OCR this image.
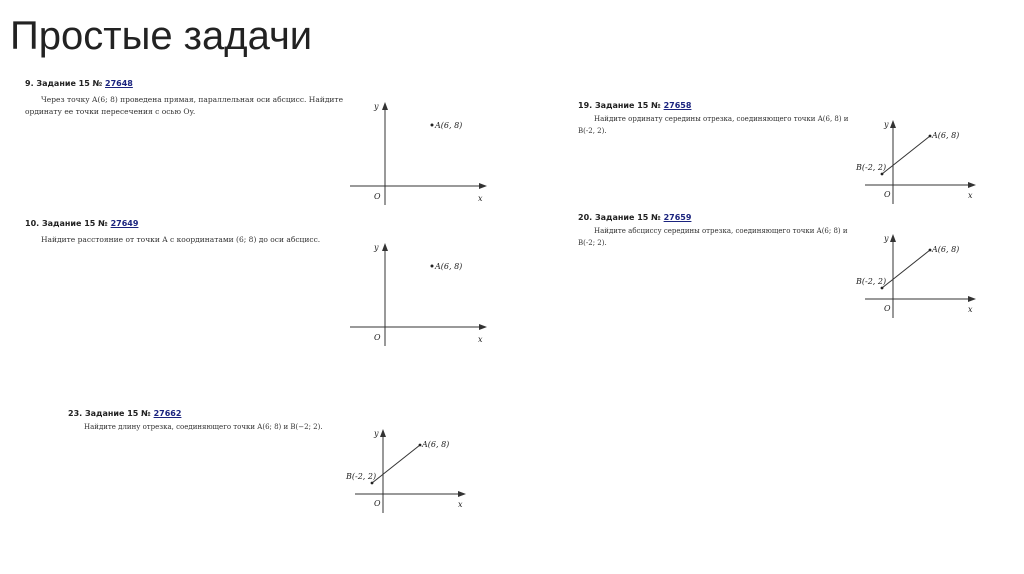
Простые задачи
9. Задание 15 № 27648
Через точку A(6; 8) проведена прямая, параллельная оси абсцисс. Найдите ординату ее точки пересечения с осью Oy.
A(6, 8)
y
O	x
10. Задание 15 № 27649
Найдите расстояние от точки A с координатами (6; 8) до оси абсцисс.
A(6, 8)
y
O	x
19. Задание 15 № 27658
Найдите ординату середины отрезка, соединяющего точки A(6, 8) и B(-2, 2).	A(6, 8)
B(-2, 2)
y
O	x
20. Задание 15 № 27659
Найдите абсциссу середины отрезка, соединяющего точки A(6; 8) и B(-2; 2).
A(6, 8)
B(-2, 2)
y
O	x
23. Задание 15 № 27662
Найдите длину отрезка, соединяющего точки A(6; 8) и B(−2; 2).
A(6, 8)
B(-2, 2)
y
O	x
